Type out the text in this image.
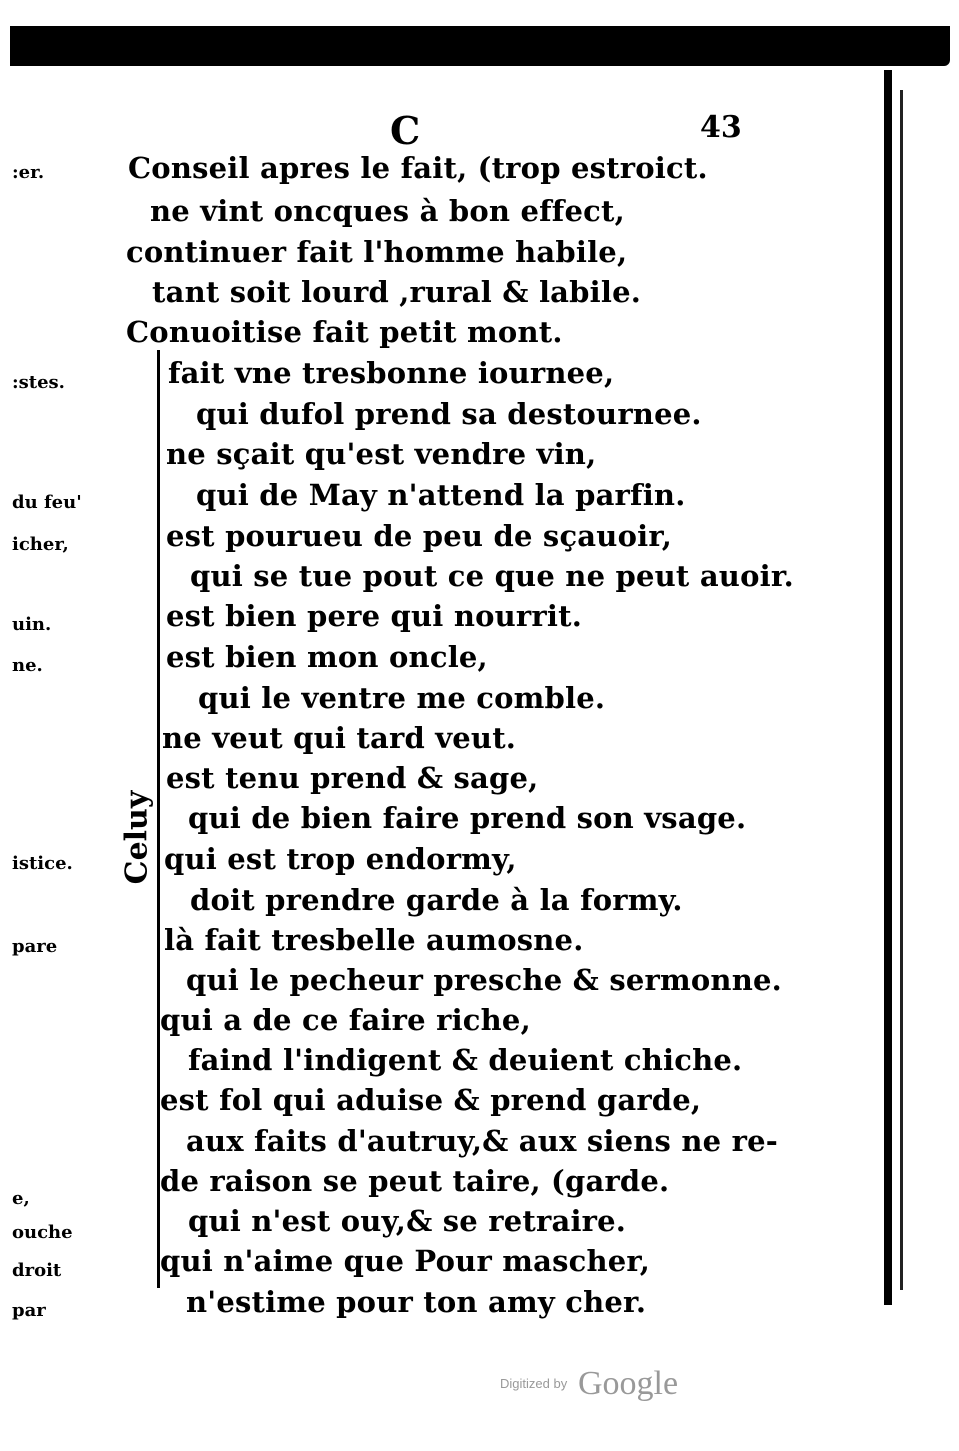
C	43
:er.
:stes.
du feu'
icher,
uin.
ne.
istice.
pare
e,
ouche
droit
par
Celuy
Conseil apres le fait, (trop estroict.
ne vint oncques à bon effect,
continuer fait l'homme habile,
tant soit lourd ,rural & labile.
Conuoitise fait petit mont.
fait vne tresbonne iournee,
qui dufol prend sa destournee.
ne sçait qu'est vendre vin,
qui de May n'attend la parfin.
est pourueu de peu de sçauoir,
qui se tue pout ce que ne peut auoir.
est bien pere qui nourrit.
est bien mon oncle,
qui le ventre me comble.
ne veut qui tard veut.
est tenu prend & sage,
qui de bien faire prend son vsage.
qui est trop endormy,
doit prendre garde à la formy.
là fait tresbelle aumosne.
qui le pecheur presche & sermonne.
qui a de ce faire riche,
faind l'indigent & deuient chiche.
est fol qui aduise & prend garde,
aux faits d'autruy,& aux siens ne re-
de raison se peut taire, (garde.
qui n'est ouy,& se retraire.
qui n'aime que Pour mascher,
n'estime pour ton amy cher.
Digitized by Google
